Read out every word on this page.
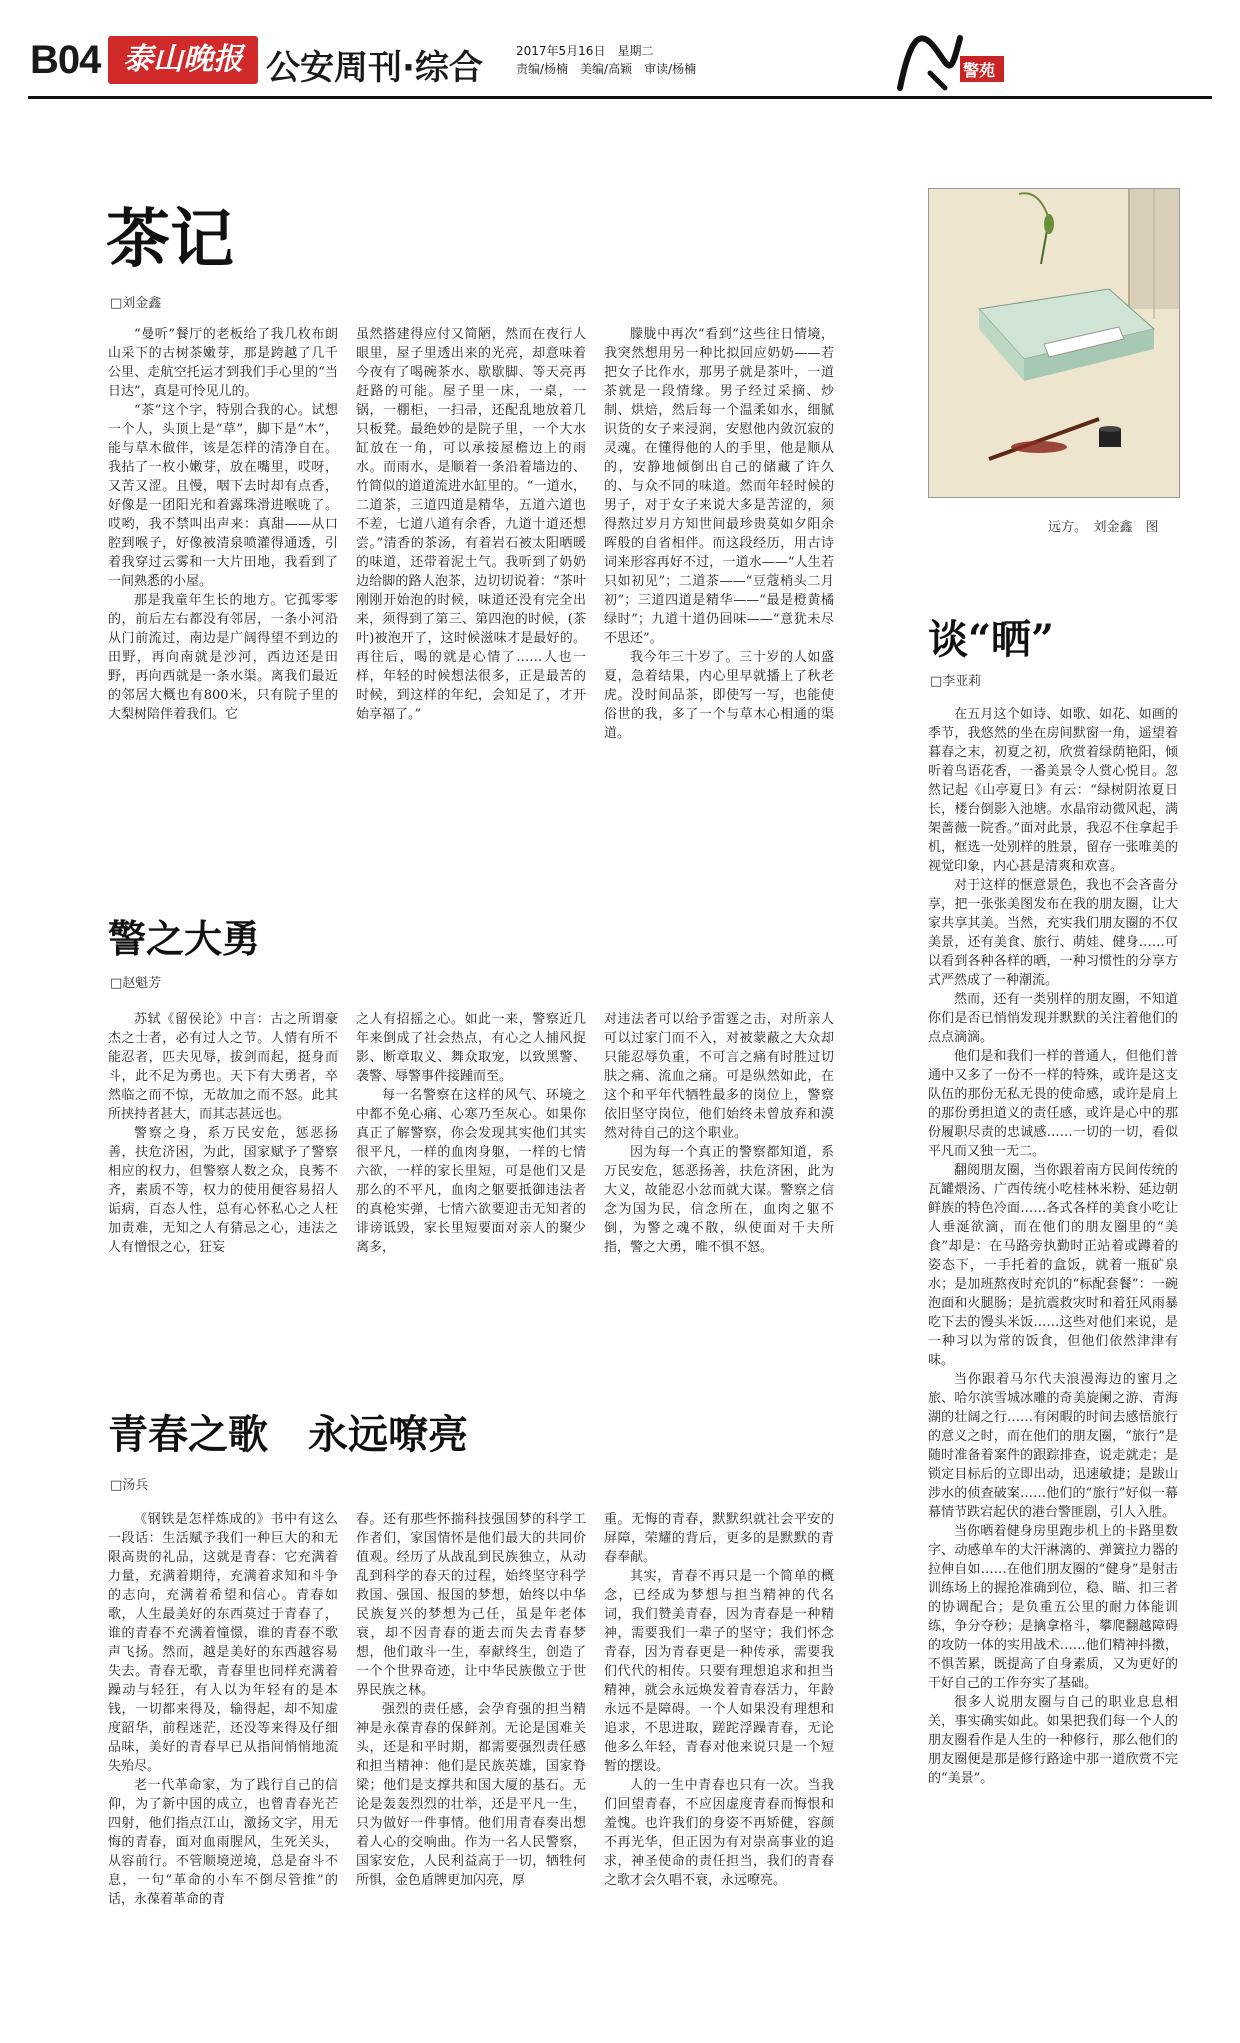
B04 泰山晚报 公安周刊·综合	2017年5月16日　星期二
责编/杨楠　美编/高颖　审读/杨楠	警苑
茶记
□刘金鑫

“曼听”餐厅的老板给了我几枚布朗山采下的古树茶嫩芽，那是跨越了几千公里、走航空托运才到我们手心里的“当日达”，真是可怜见儿的。

“茶”这个字，特别合我的心。试想一个人，头顶上是“草”，脚下是“木”，能与草木做伴，该是怎样的清净自在。我拈了一枚小嫩芽，放在嘴里，哎呀，又苦又涩。且慢，咽下去时却有点香，好像是一团阳光和着露珠滑进喉咙了。哎哟，我不禁叫出声来：真甜——从口腔到喉子，好像被清泉喷灌得通透，引着我穿过云雾和一大片田地，我看到了一间熟悉的小屋。

那是我童年生长的地方。它孤零零的，前后左右都没有邻居，一条小河沿从门前流过，南边是广阔得望不到边的田野，再向南就是沙河，西边还是田野，再向西就是一条水渠。离我们最近的邻居大概也有800米，只有院子里的大梨树陪伴着我们。它

虽然搭建得应付又简陋，然而在夜行人眼里，屋子里透出来的光亮，却意味着今夜有了喝碗茶水、歇歇脚、等天亮再赶路的可能。屋子里一床，一桌，一锅，一棚柜，一扫帚，还配乱地放着几只板凳。最绝妙的是院子里，一个大水缸放在一角，可以承接屋檐边上的雨水。而雨水，是顺着一条沿着墙边的、竹简似的道道流进水缸里的。“一道水，二道茶，三道四道是精华，五道六道也不差，七道八道有余香，九道十道还想尝。”清香的茶汤，有着岩石被太阳晒暖的味道，还带着泥土气。我听到了奶奶边给脚的路人泡茶，边切切说着：“茶叶刚刚开始泡的时候，味道还没有完全出来，须得到了第三、第四泡的时候，(茶叶)被泡开了，这时候滋味才是最好的。再往后，喝的就是心情了……人也一样，年轻的时候想法很多，正是最苦的时候，到这样的年纪，会知足了，才开始享福了。”

朦胧中再次“看到”这些往日情境，我突然想用另一种比拟回应奶奶——若把女子比作水，那男子就是茶叶，一道茶就是一段情缘。男子经过采摘、炒制、烘焙，然后每一个温柔如水，细腻识货的女子来浸润，安慰他内敛沉寂的灵魂。在懂得他的人的手里，他是顺从的，安静地倾倒出自己的储藏了许久的、与众不同的味道。然而年轻时候的男子，对于女子来说大多是苦涩的，须得熬过岁月方知世间最珍贵莫如夕阳余晖般的自省相伴。而这段经历，用古诗词来形容再好不过，一道水——“人生若只如初见”；二道茶——“豆蔻梢头二月初”；三道四道是精华——“最是橙黄橘绿时”；九道十道仍回味——“意犹未尽不思还”。

我今年三十岁了。三十岁的人如盛夏，急着结果，内心里早就播上了秋老虎。没时间品茶，即使写一写，也能使俗世的我，多了一个与草木心相通的渠道。

警之大勇
□赵魁芳

苏轼《留侯论》中言：古之所谓豪杰之士者，必有过人之节。人情有所不能忍者，匹夫见辱，拔剑而起，挺身而斗，此不足为勇也。天下有大勇者，卒然临之而不惊，无故加之而不怒。此其所挟持者甚大，而其志甚远也。

警察之身，系万民安危，惩恶扬善，扶危济困，为此，国家赋予了警察相应的权力，但警察人数之众，良莠不齐，素质不等，权力的使用便容易招人诟病，百态人性，总有心怀私心之人枉加责难，无知之人有猜忌之心，违法之人有憎恨之心，狂妄

之人有招摇之心。如此一来，警察近几年来倒成了社会热点，有心之人捕风捉影、断章取义、舞众取宠，以致黑警、袭警、辱警事件接踵而至。

每一名警察在这样的风气、环境之中都不免心痛、心寒乃至灰心。如果你真正了解警察，你会发现其实他们其实很平凡，一样的血肉身躯，一样的七情六欲，一样的家长里短，可是他们又是那么的不平凡，血肉之躯要抵御违法者的真枪实弹，七情六欲要迎击无知者的诽谤诋毁，家长里短要面对亲人的聚少离多，

对违法者可以给予雷霆之击，对所亲人可以过家门而不入，对被蒙蔽之大众却只能忍辱负重，不可言之痛有时胜过切肤之痛、流血之痛。可是纵然如此，在这个和平年代牺牲最多的岗位上，警察依旧坚守岗位，他们始终未曾放弃和漠然对待自己的这个职业。

因为每一个真正的警察都知道，系万民安危，惩恶扬善，扶危济困，此为大义，故能忍小忿而就大谋。警察之信念为国为民，信念所在，血肉之躯不倒，为警之魂不散，纵使面对千夫所指，警之大勇，唯不惧不怒。

青春之歌　永远嘹亮
□汤兵

《钢铁是怎样炼成的》书中有这么一段话：生活赋予我们一种巨大的和无限高贵的礼品，这就是青春：它充满着力量，充满着期待，充满着求知和斗争的志向，充满着希望和信心。青春如歌，人生最美好的东西莫过于青春了，谁的青春不充满着憧憬，谁的青春不歌声飞扬。然而，越是美好的东西越容易失去。青春无歌，青春里也同样充满着躁动与轻狂，有人以为年轻有的是本钱，一切都来得及，输得起，却不知虚度韶华，前程迷茫，还没等来得及仔细品味，美好的青春早已从指间悄悄地流失殆尽。

老一代革命家，为了践行自己的信仰，为了新中国的成立，也曾青春光芒四射，他们指点江山，激扬文字，用无悔的青春，面对血雨腥风，生死关头，从容前行。不管顺境逆境，总是奋斗不息，一句“革命的小车不倒尽管推”的话，永葆着革命的青

春。还有那些怀揣科技强国梦的科学工作者们，家国情怀是他们最大的共同价值观。经历了从战乱到民族独立，从动乱到科学的春天的过程，始终坚守科学救国、强国、报国的梦想，始终以中华民族复兴的梦想为己任，虽是年老体衰，却不因青春的逝去而失去青春梦想，他们敢斗一生，奉献终生，创造了一个个世界奇迹，让中华民族傲立于世界民族之林。

强烈的责任感，会孕育强的担当精神是永葆青春的保鲜剂。无论是国难关头，还是和平时期，都需要强烈责任感和担当精神：他们是民族英雄，国家脊梁；他们是支撑共和国大厦的基石。无论是轰轰烈烈的壮举，还是平凡一生，只为做好一件事情。他们用青春奏出想着人心的交响曲。作为一名人民警察，国家安危，人民利益高于一切，牺牲何所惧，金色盾牌更加闪亮，厚

重。无悔的青春，默默织就社会平安的屏障，荣耀的背后，更多的是默默的青春奉献。

其实，青春不再只是一个简单的概念，已经成为梦想与担当精神的代名词，我们赞美青春，因为青春是一种精神，需要我们一辈子的坚守；我们怀念青春，因为青春更是一种传承，需要我们代代的相传。只要有理想追求和担当精神，就会永远焕发着青春活力，年龄永远不是障碍。一个人如果没有理想和追求，不思进取，蹉跎浮躁青春，无论他多么年轻，青春对他来说只是一个短暂的摆设。

人的一生中青春也只有一次。当我们回望青春，不应因虚度青春而悔恨和羞愧。也许我们的身姿不再矫健，容颜不再光华，但正因为有对崇高事业的追求，神圣使命的责任担当，我们的青春之歌才会久唱不衰，永远嘹亮。

远方。　刘金鑫　图
谈“晒”
□李亚莉

在五月这个如诗、如歌、如花、如画的季节，我悠然的坐在房间默窗一角，遥望着暮春之末，初夏之初，欣赏着绿荫艳阳，倾听着鸟语花香，一番美景令人赏心悦目。忽然记起《山亭夏日》有云：“绿树阴浓夏日长，楼台倒影入池塘。水晶帘动微风起，满架蔷薇一院香。”面对此景，我忍不住拿起手机，框选一处别样的胜景，留存一张唯美的视觉印象，内心甚是清爽和欢喜。

对于这样的惬意景色，我也不会吝啬分享，把一张张美图发布在我的朋友圈，让大家共享其美。当然，充实我们朋友圈的不仅美景，还有美食、旅行、萌娃、健身……可以看到各种各样的晒，一种习惯性的分享方式严然成了一种潮流。

然而，还有一类别样的朋友圈，不知道你们是否已悄悄发现并默默的关注着他们的点点滴滴。

他们是和我们一样的普通人，但他们普通中又多了一份不一样的特殊，或许是这支队伍的那份无私无畏的使命感，或许是肩上的那份勇担道义的责任感，或许是心中的那份履职尽责的忠诚感……一切的一切，看似平凡而又独一无二。

翻阅朋友圈，当你跟着南方民间传统的瓦罐煨汤、广西传统小吃桂林米粉、延边朝鲜族的特色冷面……各式各样的美食小吃让人垂涎欲滴，而在他们的朋友圈里的“美食”却是：在马路旁执勤时正站着或蹲着的姿态下，一手托着的盒饭，就着一瓶矿泉水；是加班熬夜时充饥的“标配套餐”：一碗泡面和火腿肠；是抗震救灾时和着狂风雨暴吃下去的馒头米饭……这些对他们来说，是一种习以为常的饭食，但他们依然津津有味。

当你跟着马尔代夫浪漫海边的蜜月之旅、哈尔滨雪城冰雕的奇美旋阑之游、青海湖的壮阔之行……有闲暇的时间去感悟旅行的意义之时，而在他们的朋友圈，“旅行”是随时准备着案件的跟踪排查，说走就走；是锁定目标后的立即出动，迅速敏捷；是跋山涉水的侦查破案……他们的“旅行”好似一幕幕情节跌宕起伏的港台警匪剧，引人入胜。

当你晒着健身房里跑步机上的卡路里数字、动感单车的大汗淋漓的、弹簧拉力器的拉伸自如……在他们朋友圈的“健身”是射击训练场上的握抢准确到位，稳、瞄、扣三者的协调配合；是负重五公里的耐力体能训练，争分夺秒；是擒拿格斗，攀爬翻越障碍的攻防一体的实用战术……他们精神抖擞，不惧苦累，既提高了自身素质，又为更好的干好自己的工作夯实了基础。

很多人说朋友圈与自己的职业息息相关，事实确实如此。如果把我们每一个人的朋友圈看作是人生的一种修行，那么他们的朋友圈便是那是修行路途中那一道欣赏不完的“美景”。
